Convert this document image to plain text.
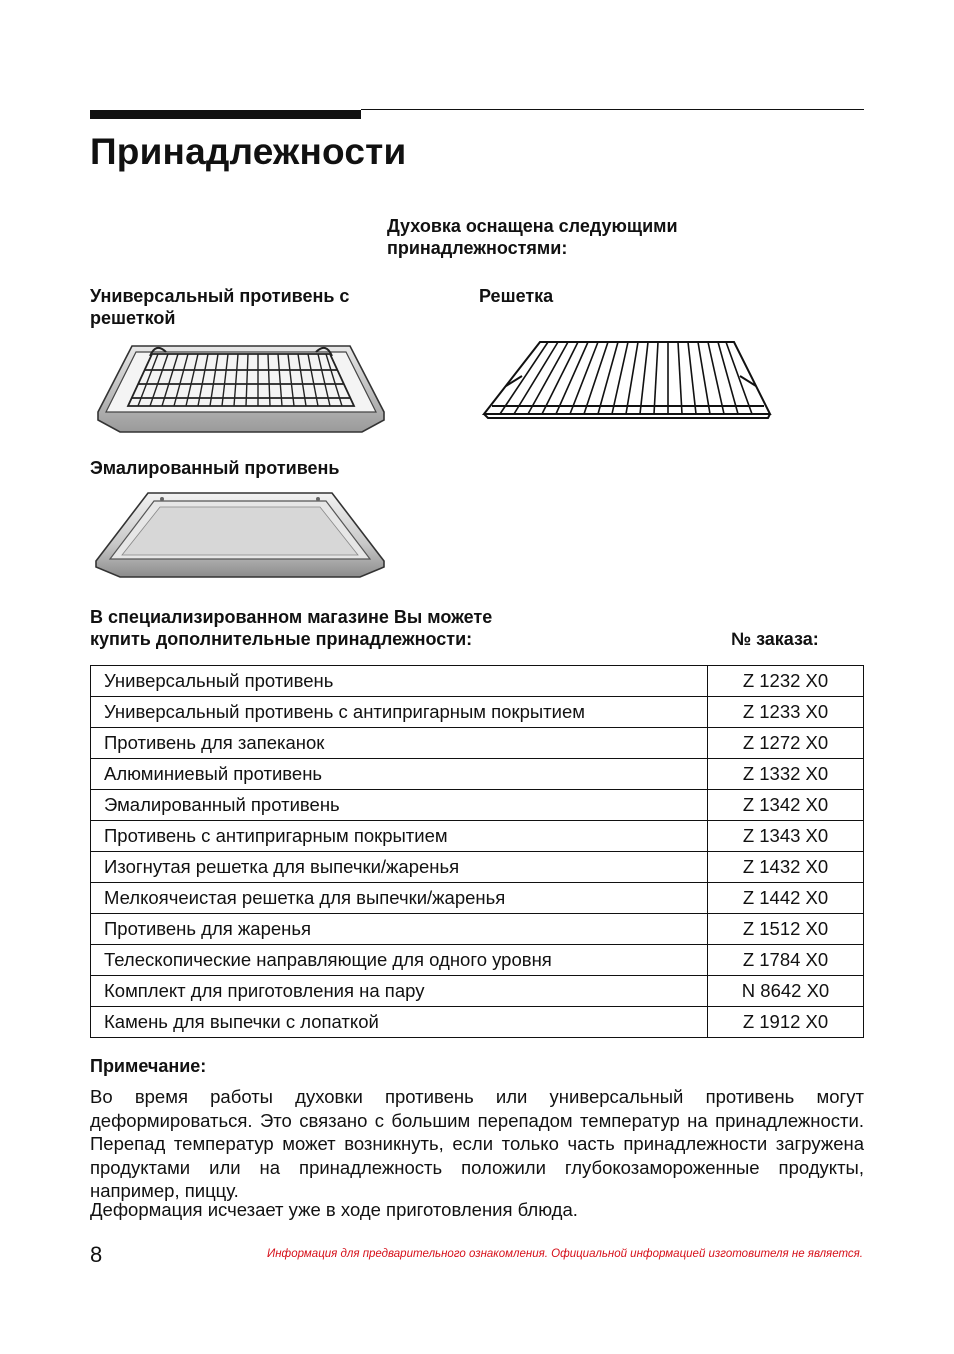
Принадлежности

Духовка оснащена следующими принадлежностями:

Универсальный противень с решеткой

Решетка

Эмалированный противень

В специализированном магазине Вы можете
купить дополнительные принадлежности:	№ заказа:

Универсальный противень	Z 1232 X0
Универсальный противень с антипригарным покрытием	Z 1233 X0
Противень для запеканок	Z 1272 X0
Алюминиевый противень	Z 1332 X0
Эмалированный противень	Z 1342 X0
Противень с антипригарным покрытием	Z 1343 X0
Изогнутая решетка для выпечки/жаренья	Z 1432 X0
Мелкоячеистая решетка для выпечки/жаренья	Z 1442 X0
Противень для жаренья	Z 1512 X0
Телескопические направляющие для одного уровня	Z 1784 X0
Комплект для приготовления на пару	N 8642 X0
Камень для выпечки с лопаткой	Z 1912 X0

Примечание:

Во время работы духовки противень или универсальный противень могут деформироваться. Это связано с большим перепадом температур на принадлежности. Перепад температур может возникнуть, если только часть принадлежности загружена продуктами или на принадлежность положили глубокозамороженные продукты, например, пиццу.

Деформация исчезает уже в ходе приготовления блюда.

8	Информация для предварительного ознакомления. Официальной информацией изготовителя не является.
